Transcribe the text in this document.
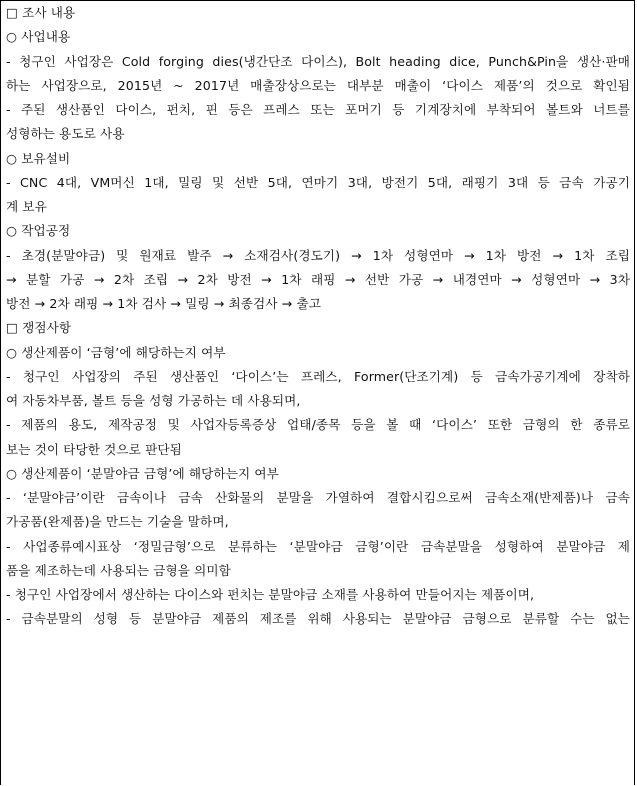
□ 조사 내용
○ 사업내용
- 청구인 사업장은 Cold forging dies(냉간단조 다이스), Bolt heading dice, Punch&Pin을 생산·판매
하는 사업장으로, 2015년 ~ 2017년 매출장상으로는 대부분 매출이 ‘다이스 제품’의 것으로 확인됨
- 주된 생산품인 다이스, 펀치, 핀 등은 프레스 또는 포머기 등 기계장치에 부착되어 볼트와 너트를
성형하는 용도로 사용
○ 보유설비
- CNC 4대, VM머신 1대, 밀링 및 선반 5대, 연마기 3대, 방전기 5대, 래핑기 3대 등 금속 가공기
계 보유
○ 작업공정
- 초경(분말야금) 및 원재료 발주 → 소재검사(경도기) → 1차 성형연마 → 1차 방전 → 1차 조립
→ 분할 가공 → 2차 조립 → 2차 방전 → 1차 래핑 → 선반 가공 → 내경연마 → 성형연마 → 3차
방전 → 2차 래핑 → 1차 검사 → 밀링 → 최종검사 → 출고
□ 쟁점사항
○ 생산제품이 ‘금형’에 해당하는지 여부
- 청구인 사업장의 주된 생산품인 ‘다이스’는 프레스, Former(단조기계) 등 금속가공기계에 장착하
여 자동차부품, 볼트 등을 성형 가공하는 데 사용되며,
- 제품의 용도, 제작공정 및 사업자등록증상 업태/종목 등을 볼 때 ‘다이스’ 또한 금형의 한 종류로
보는 것이 타당한 것으로 판단됨
○ 생산제품이 ‘분말야금 금형’에 해당하는지 여부
- ‘분말야금’이란 금속이나 금속 산화물의 분말을 가열하여 결합시킴으로써 금속소재(반제품)나 금속
가공품(완제품)을 만드는 기술을 말하며,
- 사업종류예시표상 ‘정밀금형’으로 분류하는 ‘분말야금 금형’이란 금속분말을 성형하여 분말야금 제
품을 제조하는데 사용되는 금형을 의미함
- 청구인 사업장에서 생산하는 다이스와 펀치는 분말야금 소재를 사용하여 만들어지는 제품이며,
- 금속분말의 성형 등 분말야금 제품의 제조를 위해 사용되는 분말야금 금형으로 분류할 수는 없는
